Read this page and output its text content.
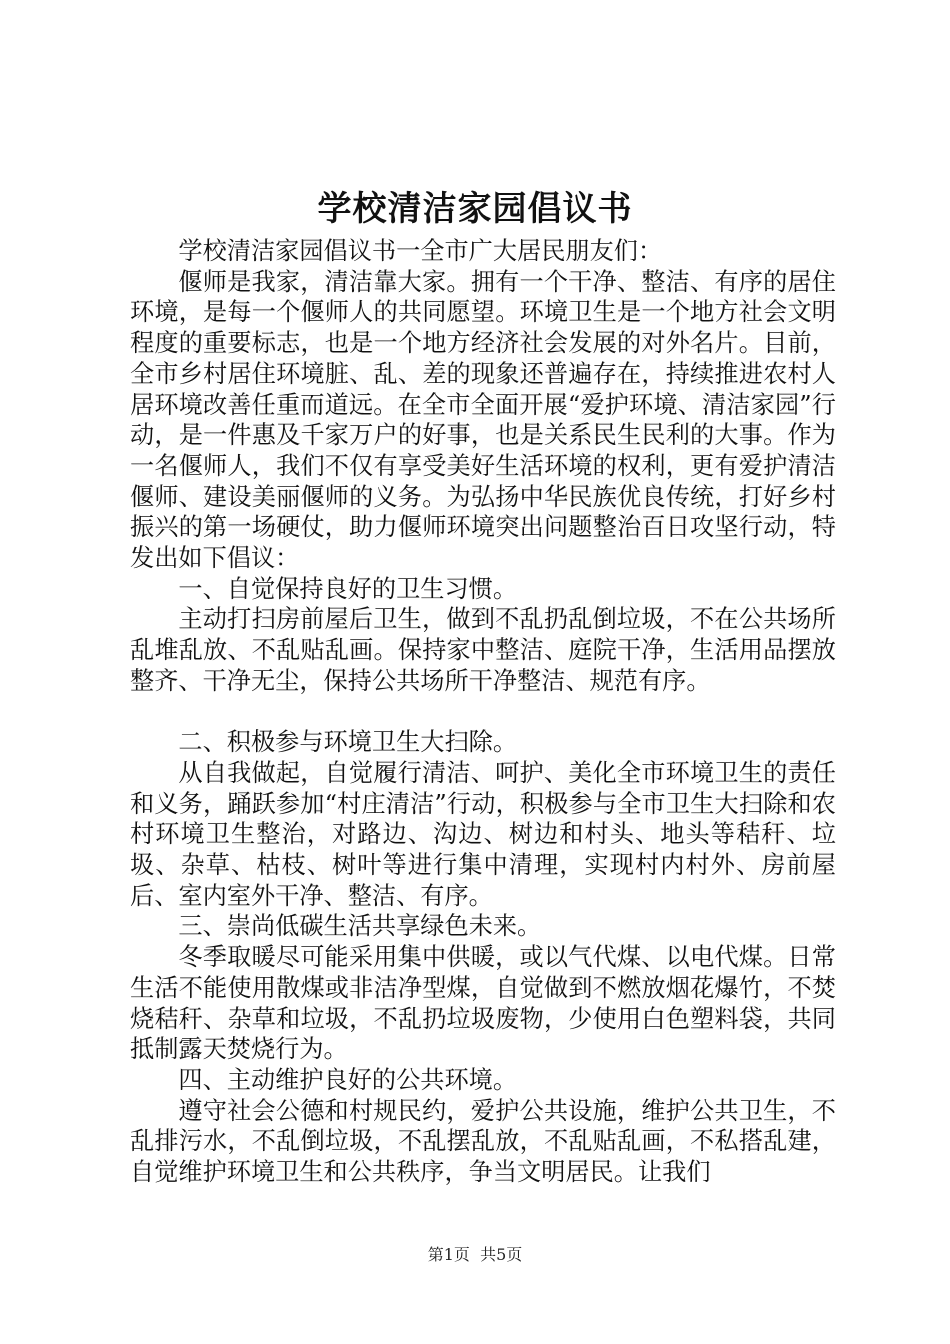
学校清洁家园倡议书

学校清洁家园倡议书一全市广大居民朋友们：

偃师是我家，清洁靠大家。拥有一个干净、整洁、有序的居住环境，是每一个偃师人的共同愿望。环境卫生是一个地方社会文明程度的重要标志，也是一个地方经济社会发展的对外名片。目前，全市乡村居住环境脏、乱、差的现象还普遍存在，持续推进农村人居环境改善任重而道远。在全市全面开展“爱护环境、清洁家园”行动，是一件惠及千家万户的好事，也是关系民生民利的大事。作为一名偃师人，我们不仅有享受美好生活环境的权利，更有爱护清洁偃师、建设美丽偃师的义务。为弘扬中华民族优良传统，打好乡村振兴的第一场硬仗，助力偃师环境突出问题整治百日攻坚行动，特发出如下倡议：

一、自觉保持良好的卫生习惯。

主动打扫房前屋后卫生，做到不乱扔乱倒垃圾，不在公共场所乱堆乱放、不乱贴乱画。保持家中整洁、庭院干净，生活用品摆放整齐、干净无尘，保持公共场所干净整洁、规范有序。

二、积极参与环境卫生大扫除。

从自我做起，自觉履行清洁、呵护、美化全市环境卫生的责任和义务，踊跃参加“村庄清洁”行动，积极参与全市卫生大扫除和农村环境卫生整治，对路边、沟边、树边和村头、地头等秸秆、垃圾、杂草、枯枝、树叶等进行集中清理，实现村内村外、房前屋后、室内室外干净、整洁、有序。

三、崇尚低碳生活共享绿色未来。

冬季取暖尽可能采用集中供暖，或以气代煤、以电代煤。日常生活不能使用散煤或非洁净型煤，自觉做到不燃放烟花爆竹，不焚烧秸秆、杂草和垃圾，不乱扔垃圾废物，少使用白色塑料袋，共同抵制露天焚烧行为。

四、主动维护良好的公共环境。

遵守社会公德和村规民约，爱护公共设施，维护公共卫生，不乱排污水，不乱倒垃圾，不乱摆乱放，不乱贴乱画，不私搭乱建，自觉维护环境卫生和公共秩序，争当文明居民。让我们

第1页 共5页
